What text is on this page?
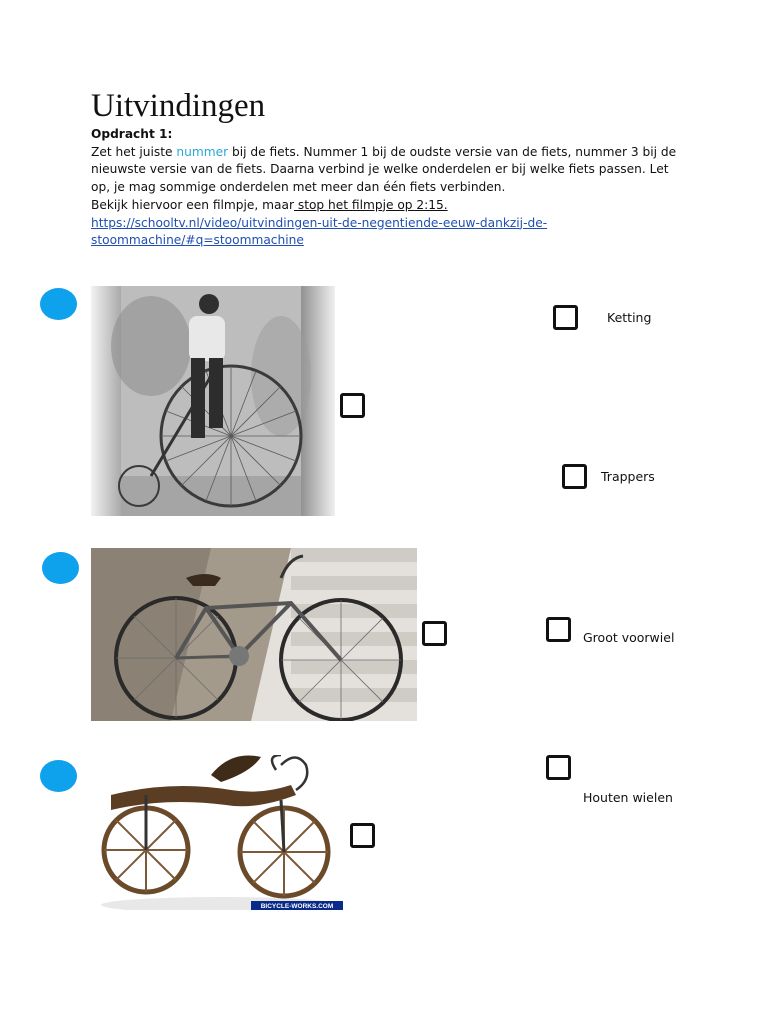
Uitvindingen
Opdracht 1:
Zet het juiste nummer bij de fiets. Nummer 1 bij de oudste versie van de fiets, nummer 3 bij de nieuwste versie van de fiets. Daarna verbind je welke onderdelen er bij welke fiets passen. Let op, je mag sommige onderdelen met meer dan één fiets verbinden.
Bekijk hiervoor een filmpje, maar stop het filmpje op 2:15.
https://schooltv.nl/video/uitvindingen-uit-de-negentiende-eeuw-dankzij-de-stoommachine/#q=stoommachine
BICYCLE-WORKS.COM
Ketting
Trappers
Groot voorwiel
Houten wielen
